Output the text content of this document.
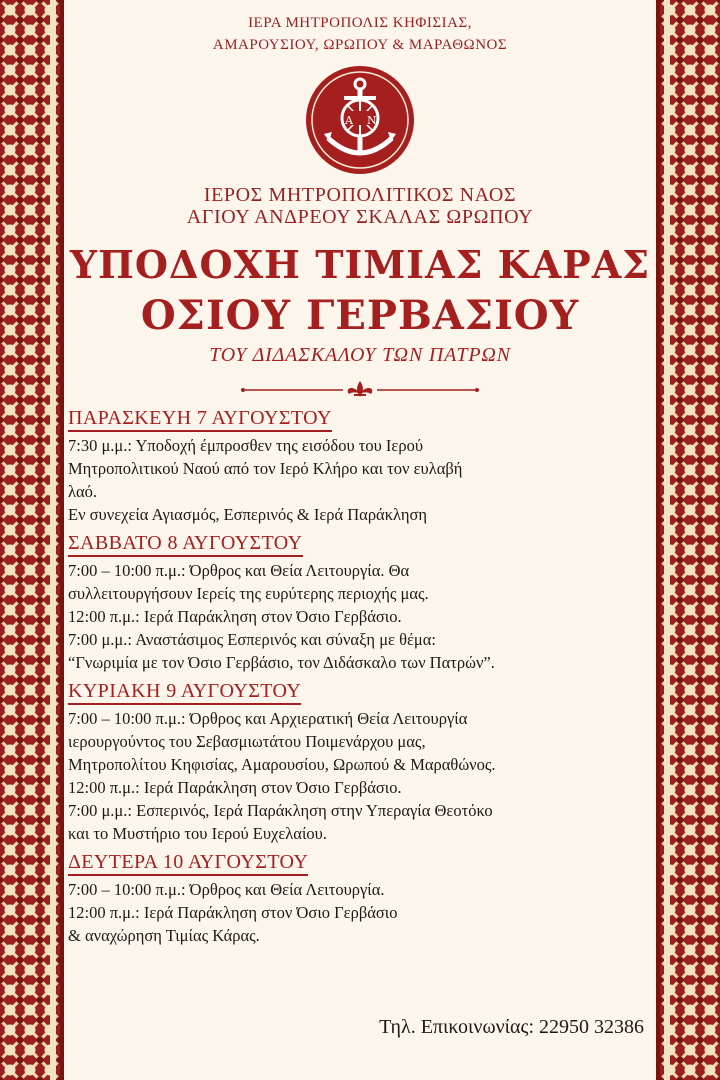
ΙΕΡΑ ΜΗΤΡΟΠΟΛΙΣ ΚΗΦΙΣΙΑΣ,
ΑΜΑΡΟΥΣΙΟΥ, ΩΡΩΠΟΥ & ΜΑΡΑΘΩΝΟΣ
Α Ν
ΙΕΡΟΣ ΜΗΤΡΟΠΟΛΙΤΙΚΟΣ ΝΑΟΣ
ΑΓΙΟΥ ΑΝΔΡΕΟΥ ΣΚΑΛΑΣ ΩΡΩΠΟΥ
ΥΠΟΔΟΧΗ ΤΙΜΙΑΣ ΚΑΡΑΣ
ΟΣΙΟΥ ΓΕΡΒΑΣΙΟΥ
ΤΟΥ ΔΙΔΑΣΚΑΛΟΥ ΤΩΝ ΠΑΤΡΩΝ
ΠΑΡΑΣΚΕΥΗ 7 ΑΥΓΟΥΣΤΟΥ
7:30 μ.μ.: Υποδοχή έμπροσθεν της εισόδου του Ιερού
Μητροπολιτικού Ναού από τον Ιερό Κλήρο και τον ευλαβή
λαό.
Εν συνεχεία Αγιασμός, Εσπερινός & Ιερά Παράκληση
ΣΑΒΒΑΤΟ 8 ΑΥΓΟΥΣΤΟΥ
7:00 – 10:00 π.μ.: Όρθρος και Θεία Λειτουργία. Θα
συλλειτουργήσουν Ιερείς της ευρύτερης περιοχής μας.
12:00 π.μ.: Ιερά Παράκληση στον Όσιο Γερβάσιο.
7:00 μ.μ.: Αναστάσιμος Εσπερινός και σύναξη με θέμα:
“Γνωριμία με τον Όσιο Γερβάσιο, τον Διδάσκαλο των Πατρών”.
ΚΥΡΙΑΚΗ 9 ΑΥΓΟΥΣΤΟΥ
7:00 – 10:00 π.μ.: Όρθρος και Αρχιερατική Θεία Λειτουργία
ιερουργούντος του Σεβασμιωτάτου Ποιμενάρχου μας,
Μητροπολίτου Κηφισίας, Αμαρουσίου, Ωρωπού & Μαραθώνος.
12:00 π.μ.: Ιερά Παράκληση στον Όσιο Γερβάσιο.
7:00 μ.μ.: Εσπερινός, Ιερά Παράκληση στην Υπεραγία Θεοτόκο
και το Μυστήριο του Ιερού Ευχελαίου.
ΔΕΥΤΕΡΑ 10 ΑΥΓΟΥΣΤΟΥ
7:00 – 10:00 π.μ.: Όρθρος και Θεία Λειτουργία.
12:00 π.μ.: Ιερά Παράκληση στον Όσιο Γερβάσιο
& αναχώρηση Τιμίας Κάρας.
Τηλ. Επικοινωνίας: 22950 32386
